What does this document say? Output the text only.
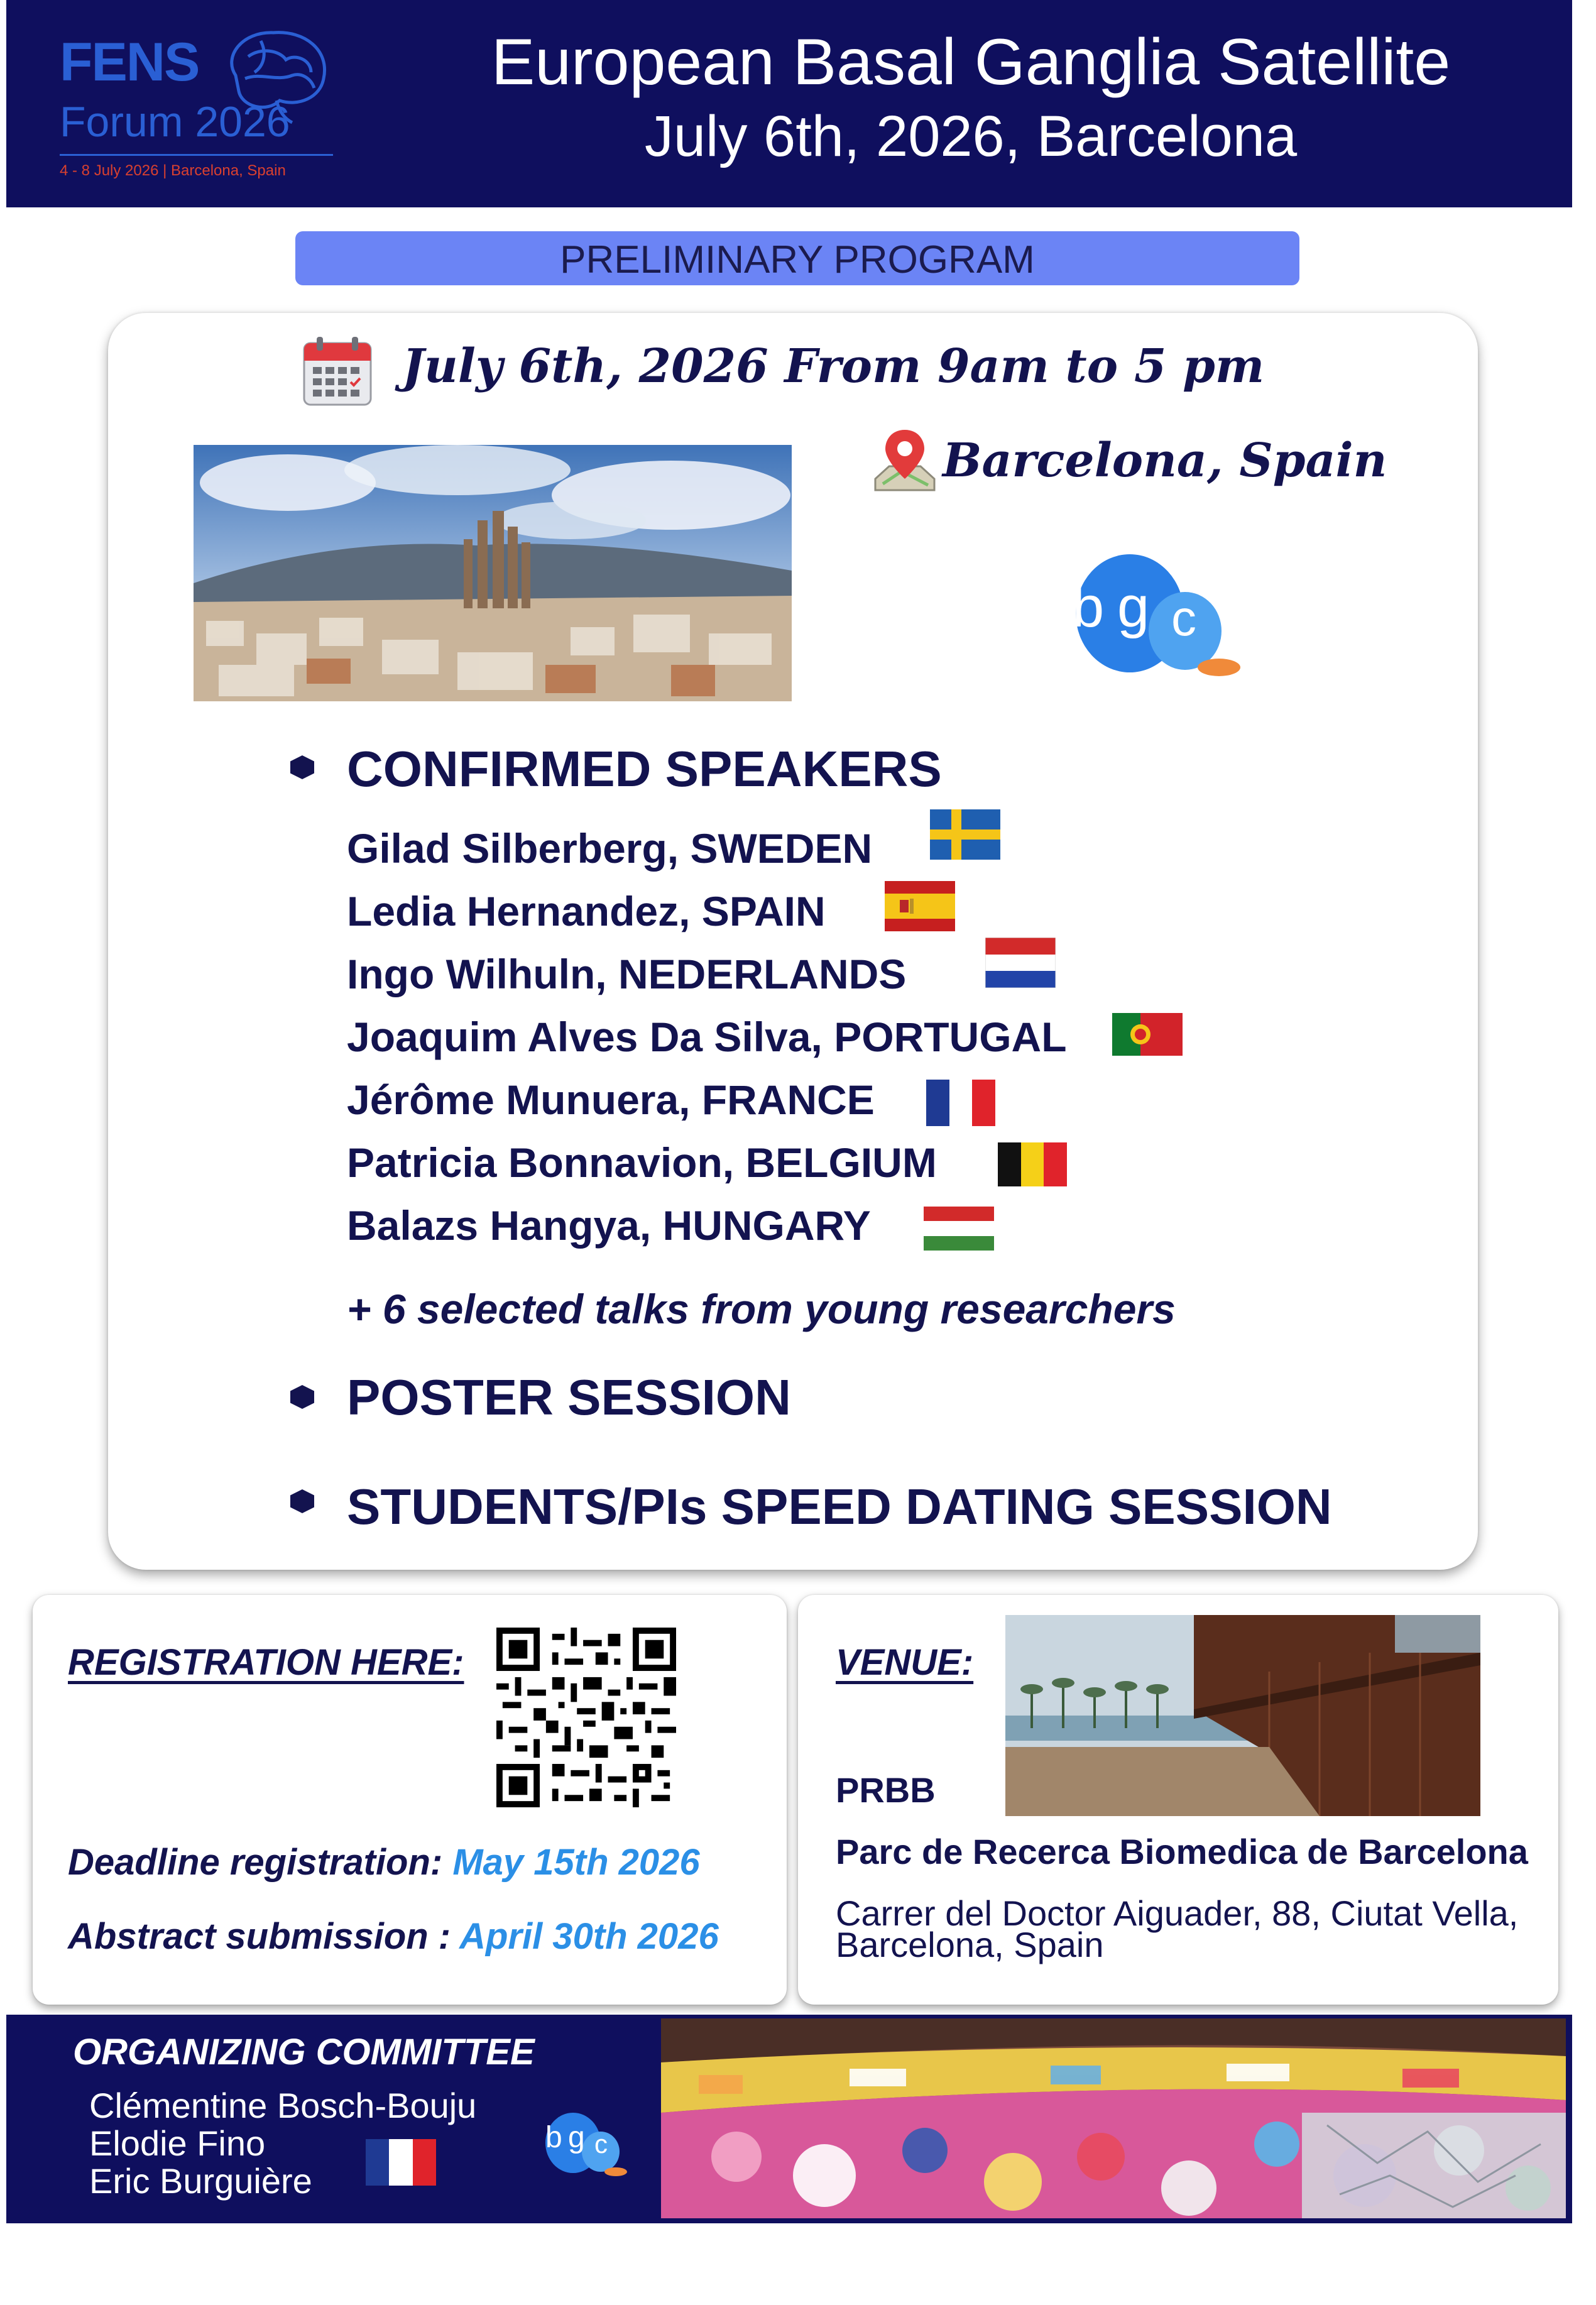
FENS
Forum 2026
4 - 8 July 2026 | Barcelona, Spain
European Basal Ganglia Satellite
July 6th, 2026, Barcelona
PRELIMINARY PROGRAM
July 6th, 2026 From 9am to 5 pm
Barcelona, Spain
b g c
CONFIRMED SPEAKERS
Gilad Silberberg, SWEDEN
Ledia Hernandez, SPAIN
Ingo Wilhuln, NEDERLANDS
Joaquim Alves Da Silva, PORTUGAL
Jérôme Munuera, FRANCE
Patricia Bonnavion, BELGIUM
Balazs Hangya, HUNGARY
+ 6 selected talks from young researchers
POSTER SESSION
STUDENTS/PIs SPEED DATING SESSION
REGISTRATION HERE:
Deadline registration: May 15th 2026
Abstract submission : April 30th 2026
VENUE:
PRBB
Parc de Recerca Biomedica de Barcelona
Carrer del Doctor Aiguader, 88, Ciutat Vella,
Barcelona, Spain
ORGANIZING COMMITTEE
Clémentine Bosch-Bouju
Elodie Fino
Eric Burguière
b g c
